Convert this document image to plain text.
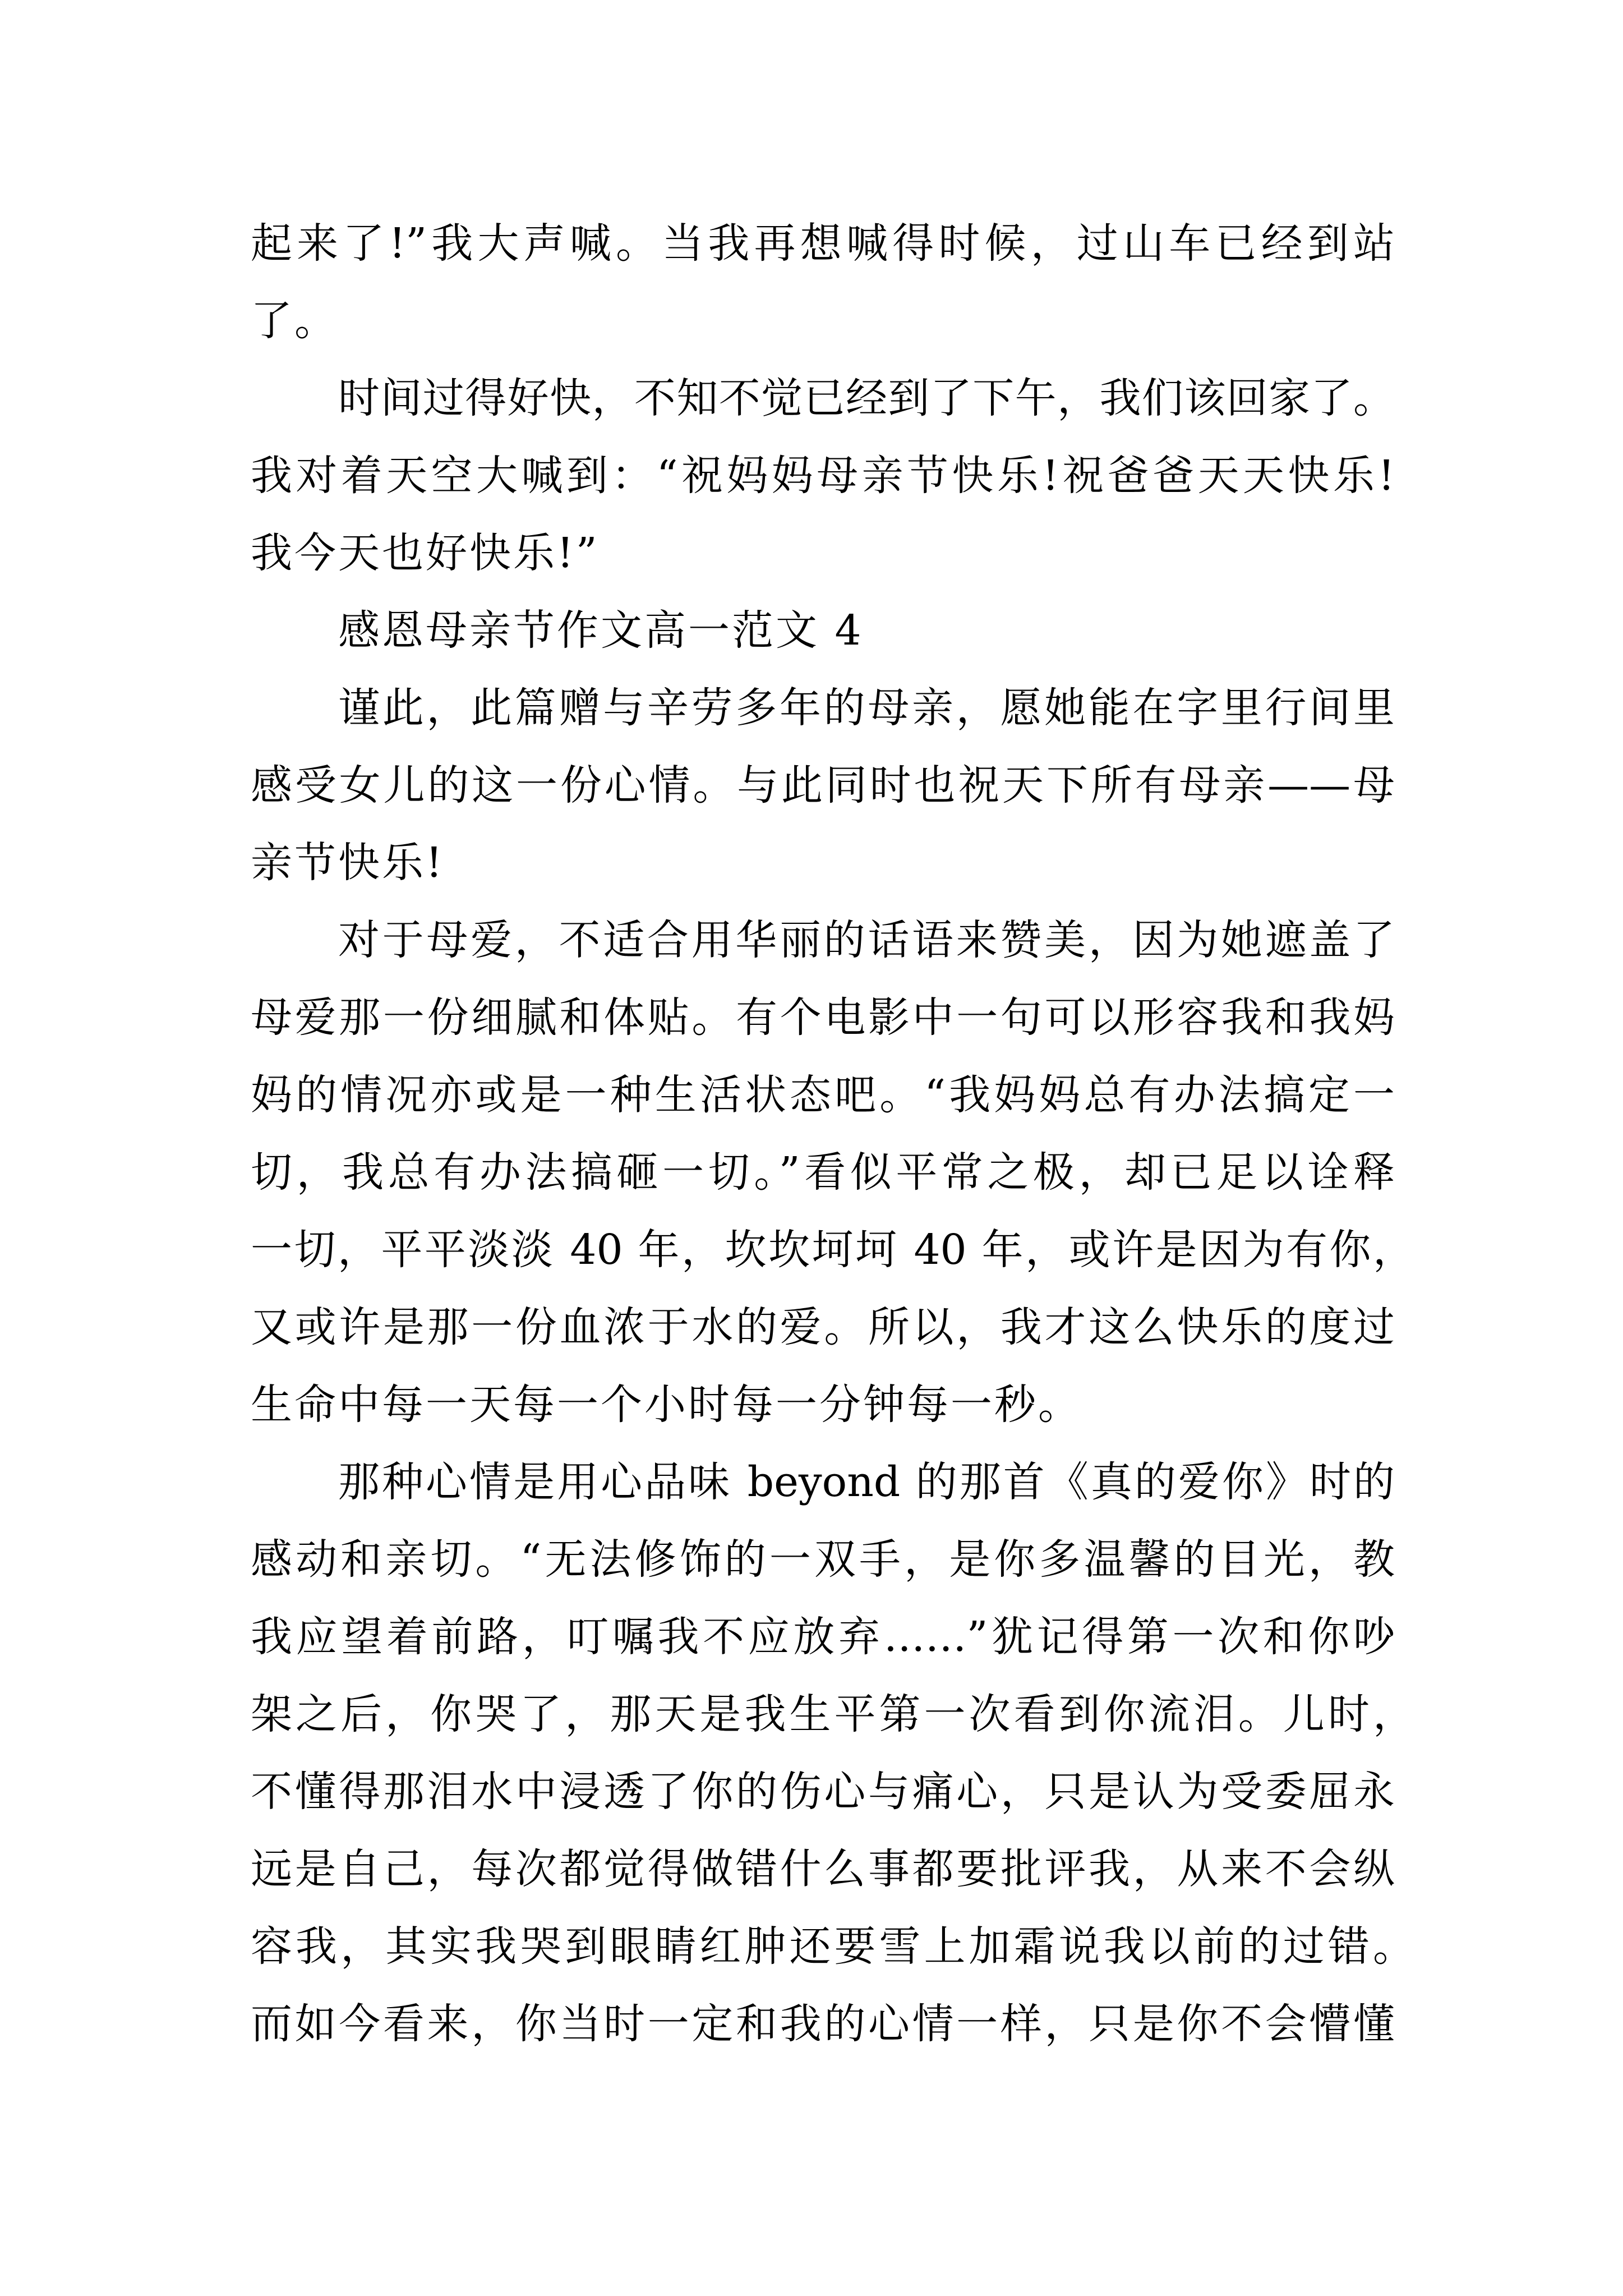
起来了!”我大声喊。当我再想喊得时候，过山车已经到站
了。
时间过得好快，不知不觉已经到了下午，我们该回家了。
我对着天空大喊到：“祝妈妈母亲节快乐!祝爸爸天天快乐!
我今天也好快乐!”
感恩母亲节作文高一范文 4
谨此，此篇赠与辛劳多年的母亲，愿她能在字里行间里
感受女儿的这一份心情。与此同时也祝天下所有母亲——母
亲节快乐!
对于母爱，不适合用华丽的话语来赞美，因为她遮盖了
母爱那一份细腻和体贴。有个电影中一句可以形容我和我妈
妈的情况亦或是一种生活状态吧。“我妈妈总有办法搞定一
切，我总有办法搞砸一切。”看似平常之极，却已足以诠释
一切，平平淡淡 40 年，坎坎坷坷 40 年，或许是因为有你，
又或许是那一份血浓于水的爱。所以，我才这么快乐的度过
生命中每一天每一个小时每一分钟每一秒。
那种心情是用心品味 beyond 的那首《真的爱你》时的
感动和亲切。“无法修饰的一双手，是你多温馨的目光，教
我应望着前路，叮嘱我不应放弃……”犹记得第一次和你吵
架之后，你哭了，那天是我生平第一次看到你流泪。儿时，
不懂得那泪水中浸透了你的伤心与痛心，只是认为受委屈永
远是自己，每次都觉得做错什么事都要批评我，从来不会纵
容我，其实我哭到眼睛红肿还要雪上加霜说我以前的过错。
而如今看来，你当时一定和我的心情一样，只是你不会懵懂
